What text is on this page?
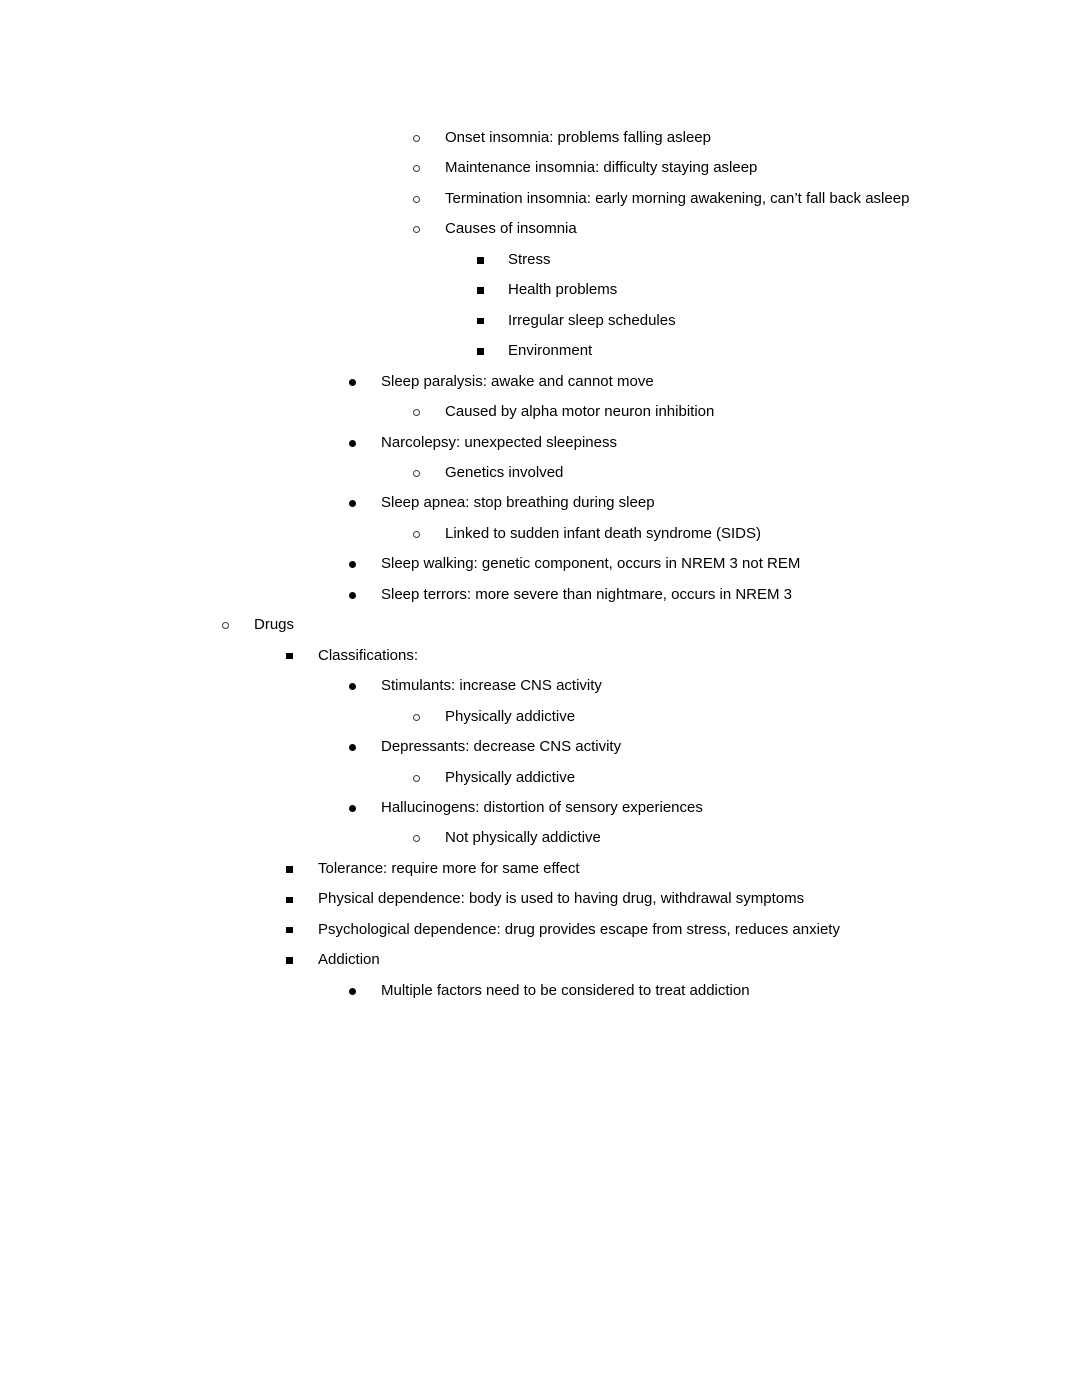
Onset insomnia: problems falling asleep
Maintenance insomnia: difficulty staying asleep
Termination insomnia: early morning awakening, can’t fall back asleep
Causes of insomnia
Stress
Health problems
Irregular sleep schedules
Environment
Sleep paralysis: awake and cannot move
Caused by alpha motor neuron inhibition
Narcolepsy: unexpected sleepiness
Genetics involved
Sleep apnea: stop breathing during sleep
Linked to sudden infant death syndrome (SIDS)
Sleep walking: genetic component, occurs in NREM 3 not REM
Sleep terrors: more severe than nightmare, occurs in NREM 3
Drugs
Classifications:
Stimulants: increase CNS activity
Physically addictive
Depressants: decrease CNS activity
Physically addictive
Hallucinogens: distortion of sensory experiences
Not physically addictive
Tolerance: require more for same effect
Physical dependence: body is used to having drug, withdrawal symptoms
Psychological dependence: drug provides escape from stress, reduces anxiety
Addiction
Multiple factors need to be considered to treat addiction
